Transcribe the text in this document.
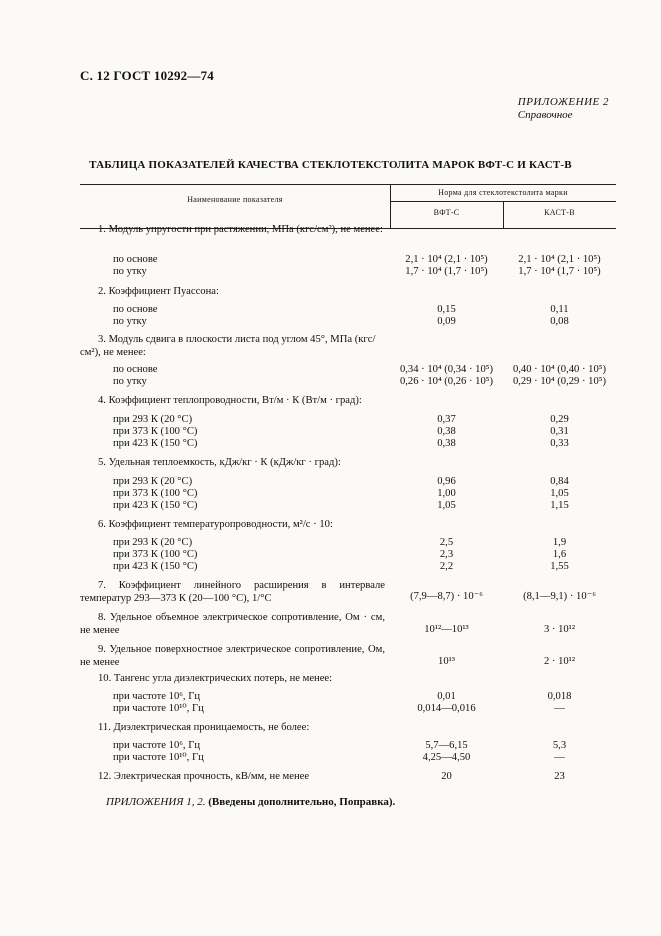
С. 12 ГОСТ 10292—74
ПРИЛОЖЕНИЕ 2
Справочное
ТАБЛИЦА ПОКАЗАТЕЛЕЙ КАЧЕСТВА СТЕКЛОТЕКСТОЛИТА МАРОК ВФТ-С И КАСТ-В
Наименование показателя
Норма для стеклотекстолита марки
ВФТ-С	КАСТ-В
1. Модуль упругости при растяжении, МПа (кгс/см²), не менее:
по основе	2,1 · 10⁴ (2,1 · 10⁵)	2,1 · 10⁴ (2,1 · 10⁵)
по утку	1,7 · 10⁴ (1,7 · 10⁵)	1,7 · 10⁴ (1,7 · 10⁵)
2. Коэффициент Пуассона:
по основе	0,15	0,11
по утку	0,09	0,08
3. Модуль сдвига в плоскости листа под углом 45°, МПа (кгс/см²), не менее:
по основе	0,34 · 10⁴ (0,34 · 10⁵)	0,40 · 10⁴ (0,40 · 10⁵)
по утку	0,26 · 10⁴ (0,26 · 10⁵)	0,29 · 10⁴ (0,29 · 10⁵)
4. Коэффициент теплопроводности, Вт/м · К (Вт/м · град):
при 293 К (20 °С)	0,37	0,29
при 373 К (100 °С)	0,38	0,31
при 423 К (150 °С)	0,38	0,33
5. Удельная теплоемкость, кДж/кг · К (кДж/кг · град):
при 293 К (20 °С)	0,96	0,84
при 373 К (100 °С)	1,00	1,05
при 423 К (150 °С)	1,05	1,15
6. Коэффициент температуропроводности, м²/с · 10:
при 293 К (20 °С)	2,5	1,9
при 373 К (100 °С)	2,3	1,6
при 423 К (150 °С)	2,2	1,55
7. Коэффициент линейного расширения в интервале температур 293—373 К (20—100 °С), 1/°С	(7,9—8,7) · 10⁻⁶	(8,1—9,1) · 10⁻⁶
8. Удельное объемное электрическое сопротивление, Ом · см, не менее	10¹²—10¹³	3 · 10¹²
9. Удельное поверхностное электрическое сопротивление, Ом, не менее	10¹³	2 · 10¹²
10. Тангенс угла диэлектрических потерь, не менее:
при частоте 10⁶, Гц	0,01	0,018
при частоте 10¹⁰, Гц	0,014—0,016	—
11. Диэлектрическая проницаемость, не более:
при частоте 10⁶, Гц	5,7—6,15	5,3
при частоте 10¹⁰, Гц	4,25—4,50	—
12. Электрическая прочность, кВ/мм, не менее	20	23
ПРИЛОЖЕНИЯ 1, 2. (Введены дополнительно, Поправка).
